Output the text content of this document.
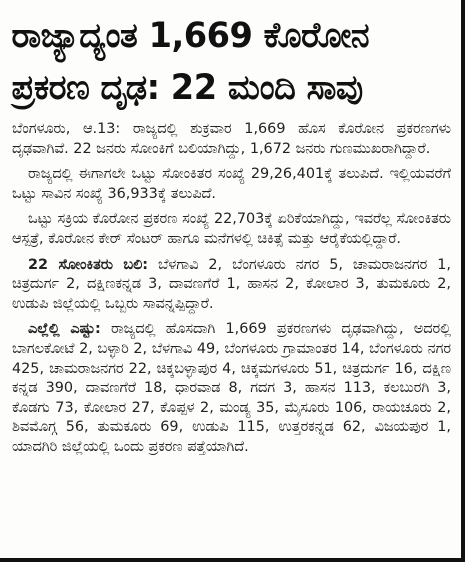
ರಾಜ್ಯಾದ್ಯಂತ 1,669 ಕೊರೋನ
ಪ್ರಕರಣ ದೃಢ: 22 ಮಂದಿ ಸಾವು

ಬೆಂಗಳೂರು, ಆ.13: ರಾಜ್ಯದಲ್ಲಿ ಶುಕ್ರವಾರ 1,669 ಹೊಸ ಕೊರೋನ ಪ್ರಕರಣಗಳು ದೃಢವಾಗಿವೆ. 22 ಜನರು ಸೋಂಕಿಗೆ ಬಲಿಯಾಗಿದ್ದು, 1,672 ಜನರು ಗುಣಮುಖರಾಗಿದ್ದಾರೆ.

ರಾಜ್ಯದಲ್ಲಿ ಈಗಾಗಲೇ ಒಟ್ಟು ಸೋಂಕಿತರ ಸಂಖ್ಯೆ 29,26,401ಕ್ಕೆ ತಲುಪಿದೆ. ಇಲ್ಲಿಯವರೆಗೆ ಒಟ್ಟು ಸಾವಿನ ಸಂಖ್ಯೆ 36,933ಕ್ಕೆ ತಲುಪಿದೆ.

ಒಟ್ಟು ಸಕ್ರಿಯ ಕೊರೋನ ಪ್ರಕರಣ ಸಂಖ್ಯೆ 22,703ಕ್ಕೆ ಏರಿಕೆಯಾಗಿದ್ದು, ಇವರೆಲ್ಲ ಸೋಂಕಿತರು ಆಸ್ಪತ್ರೆ, ಕೊರೋನ ಕೇರ್ ಸೆಂಟರ್ ಹಾಗೂ ಮನೆಗಳಲ್ಲಿ ಚಿಕಿತ್ಸೆ ಮತ್ತು ಆರೈಕೆಯಲ್ಲಿದ್ದಾರೆ.

22 ಸೋಂಕಿತರು ಬಲಿ: ಬೆಳಗಾವಿ 2, ಬೆಂಗಳೂರು ನಗರ 5, ಚಾಮರಾಜನಗರ 1, ಚಿತ್ರದುರ್ಗ 2, ದಕ್ಷಿಣಕನ್ನಡ 3, ದಾವಣಗೆರೆ 1, ಹಾಸನ 2, ಕೋಲಾರ 3, ತುಮಕೂರು 2, ಉಡುಪಿ ಜಿಲ್ಲೆಯಲ್ಲಿ ಒಬ್ಬರು ಸಾವನ್ನಪ್ಪಿದ್ದಾರೆ.

ಎಲ್ಲೆಲ್ಲಿ ಎಷ್ಟು: ರಾಜ್ಯದಲ್ಲಿ ಹೊಸದಾಗಿ 1,669 ಪ್ರಕರಣಗಳು ದೃಢವಾಗಿದ್ದು, ಅದರಲ್ಲಿ ಬಾಗಲಕೋಟೆ 2, ಬಳ್ಳಾರಿ 2, ಬೆಳಗಾವಿ 49, ಬೆಂಗಳೂರು ಗ್ರಾಮಾಂತರ 14, ಬೆಂಗಳೂರು ನಗರ 425, ಚಾಮರಾಜನಗರ 22, ಚಿಕ್ಕಬಳ್ಳಾಪುರ 4, ಚಿಕ್ಕಮಗಳೂರು 51, ಚಿತ್ರದುರ್ಗ 16, ದಕ್ಷಿಣ ಕನ್ನಡ 390, ದಾವಣಗೆರೆ 18, ಧಾರವಾಡ 8, ಗದಗ 3, ಹಾಸನ 113, ಕಲಬುರಗಿ 3, ಕೊಡಗು 73, ಕೋಲಾರ 27, ಕೊಪ್ಪಳ 2, ಮಂಡ್ಯ 35, ಮೈಸೂರು 106, ರಾಯಚೂರು 2, ಶಿವಮೊಗ್ಗ 56, ತುಮಕೂರು 69, ಉಡುಪಿ 115, ಉತ್ತರಕನ್ನಡ 62, ವಿಜಯಪುರ 1, ಯಾದಗಿರಿ ಜಿಲ್ಲೆಯಲ್ಲಿ ಒಂದು ಪ್ರಕರಣ ಪತ್ತೆಯಾಗಿದೆ.
